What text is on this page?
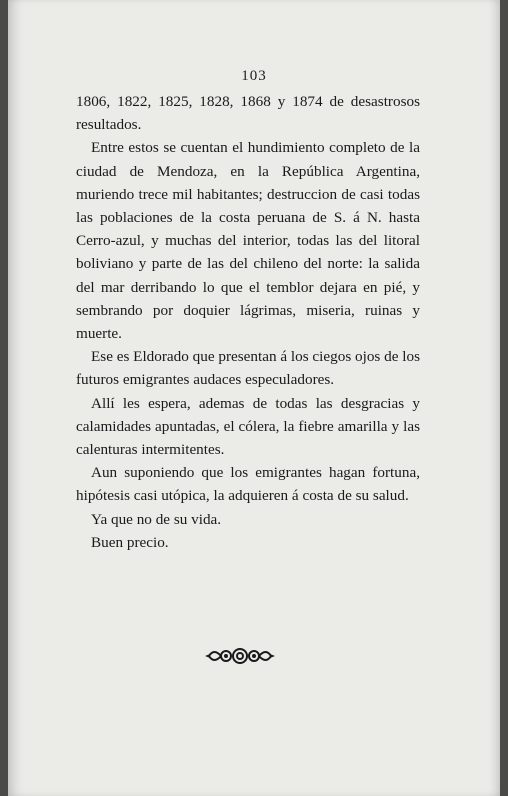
103

1806, 1822, 1825, 1828, 1868 y 1874 de desastrosos resultados.

Entre estos se cuentan el hundimiento completo de la ciudad de Mendoza, en la República Argentina, muriendo trece mil habitantes; destruccion de casi todas las poblaciones de la costa peruana de S. á N. hasta Cerro-azul, y muchas del interior, todas las del litoral boliviano y parte de las del chileno del norte: la salida del mar derribando lo que el temblor dejara en pié, y sembrando por doquier lágrimas, miseria, ruinas y muerte.

Ese es Eldorado que presentan á los ciegos ojos de los futuros emigrantes audaces especuladores.

Allí les espera, ademas de todas las desgracias y calamidades apuntadas, el cólera, la fiebre amarilla y las calenturas intermitentes.

Aun suponiendo que los emigrantes hagan fortuna, hipótesis casi utópica, la adquieren á costa de su salud.

Ya que no de su vida.

Buen precio.
